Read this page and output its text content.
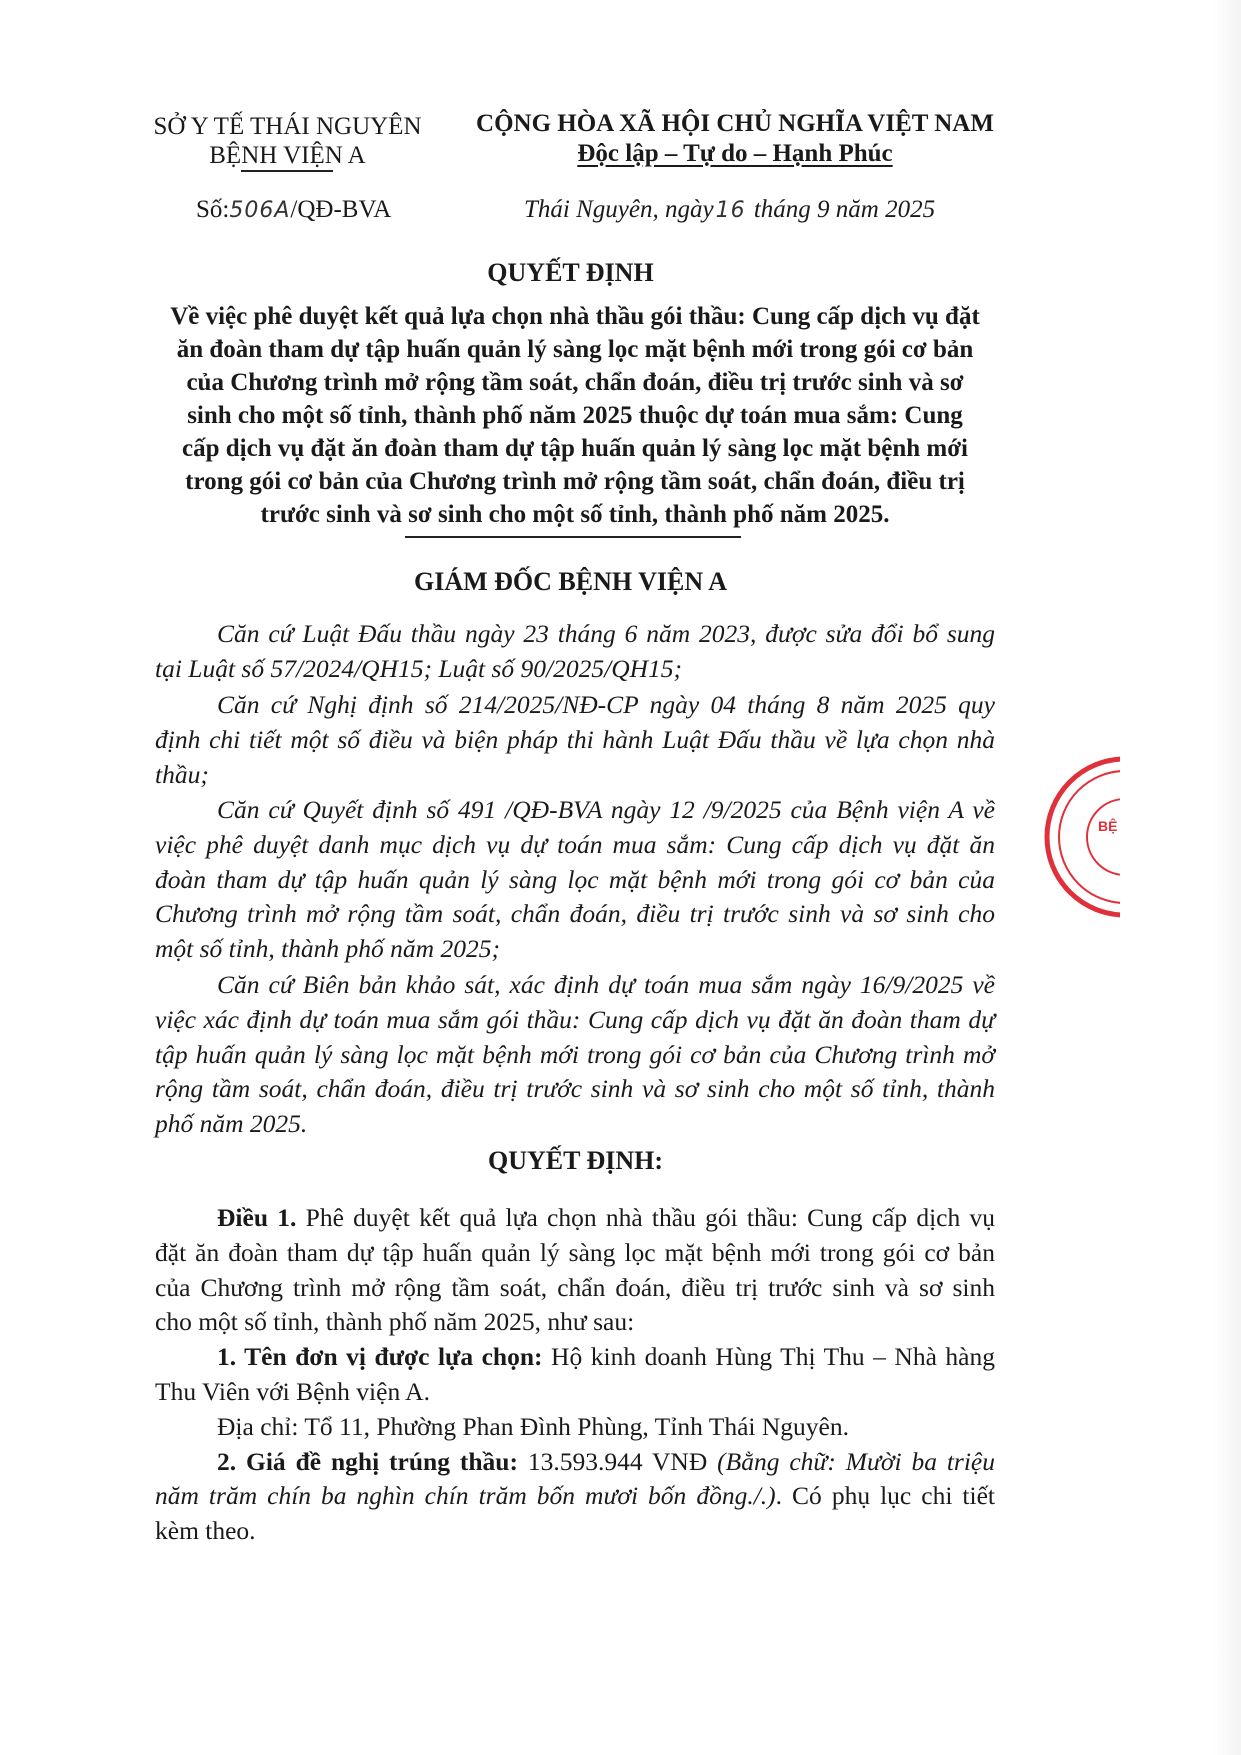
SỞ Y TẾ THÁI NGUYÊN
BỆNH VIỆN A
CỘNG HÒA XÃ HỘI CHỦ NGHĨA VIỆT NAM
Độc lập – Tự do – Hạnh Phúc
Số:506A/QĐ-BVA	Thái Nguyên, ngày16 tháng 9 năm 2025
QUYẾT ĐỊNH
Về việc phê duyệt kết quả lựa chọn nhà thầu gói thầu: Cung cấp dịch vụ đặt
ăn đoàn tham dự tập huấn quản lý sàng lọc mặt bệnh mới trong gói cơ bản
của Chương trình mở rộng tầm soát, chẩn đoán, điều trị trước sinh và sơ
sinh cho một số tỉnh, thành phố năm 2025 thuộc dự toán mua sắm: Cung
cấp dịch vụ đặt ăn đoàn tham dự tập huấn quản lý sàng lọc mặt bệnh mới
trong gói cơ bản của Chương trình mở rộng tầm soát, chẩn đoán, điều trị
trước sinh và sơ sinh cho một số tỉnh, thành phố năm 2025.
GIÁM ĐỐC BỆNH VIỆN A
Căn cứ Luật Đấu thầu ngày 23 tháng 6 năm 2023, được sửa đổi bổ sung
tại Luật số 57/2024/QH15; Luật số 90/2025/QH15;
Căn cứ Nghị định số 214/2025/NĐ-CP ngày 04 tháng 8 năm 2025 quy
định chi tiết một số điều và biện pháp thi hành Luật Đấu thầu về lựa chọn nhà
thầu;
Căn cứ Quyết định số 491 /QĐ-BVA ngày 12 /9/2025 của Bệnh viện A về
việc phê duyệt danh mục dịch vụ dự toán mua sắm: Cung cấp dịch vụ đặt ăn
đoàn tham dự tập huấn quản lý sàng lọc mặt bệnh mới trong gói cơ bản của
Chương trình mở rộng tầm soát, chẩn đoán, điều trị trước sinh và sơ sinh cho
một số tỉnh, thành phố năm 2025;
Căn cứ Biên bản khảo sát, xác định dự toán mua sắm ngày 16/9/2025 về
việc xác định dự toán mua sắm gói thầu: Cung cấp dịch vụ đặt ăn đoàn tham dự
tập huấn quản lý sàng lọc mặt bệnh mới trong gói cơ bản của Chương trình mở
rộng tầm soát, chẩn đoán, điều trị trước sinh và sơ sinh cho một số tỉnh, thành
phố năm 2025.
QUYẾT ĐỊNH:
Điều 1. Phê duyệt kết quả lựa chọn nhà thầu gói thầu: Cung cấp dịch vụ
đặt ăn đoàn tham dự tập huấn quản lý sàng lọc mặt bệnh mới trong gói cơ bản
của Chương trình mở rộng tầm soát, chẩn đoán, điều trị trước sinh và sơ sinh
cho một số tỉnh, thành phố năm 2025, như sau:
1. Tên đơn vị được lựa chọn: Hộ kinh doanh Hùng Thị Thu – Nhà hàng
Thu Viên với Bệnh viện A.
Địa chỉ: Tổ 11, Phường Phan Đình Phùng, Tỉnh Thái Nguyên.
2. Giá đề nghị trúng thầu: 13.593.944 VNĐ (Bằng chữ: Mười ba triệu
năm trăm chín ba nghìn chín trăm bốn mươi bốn đồng./.). Có phụ lục chi tiết
kèm theo.
BỆ
